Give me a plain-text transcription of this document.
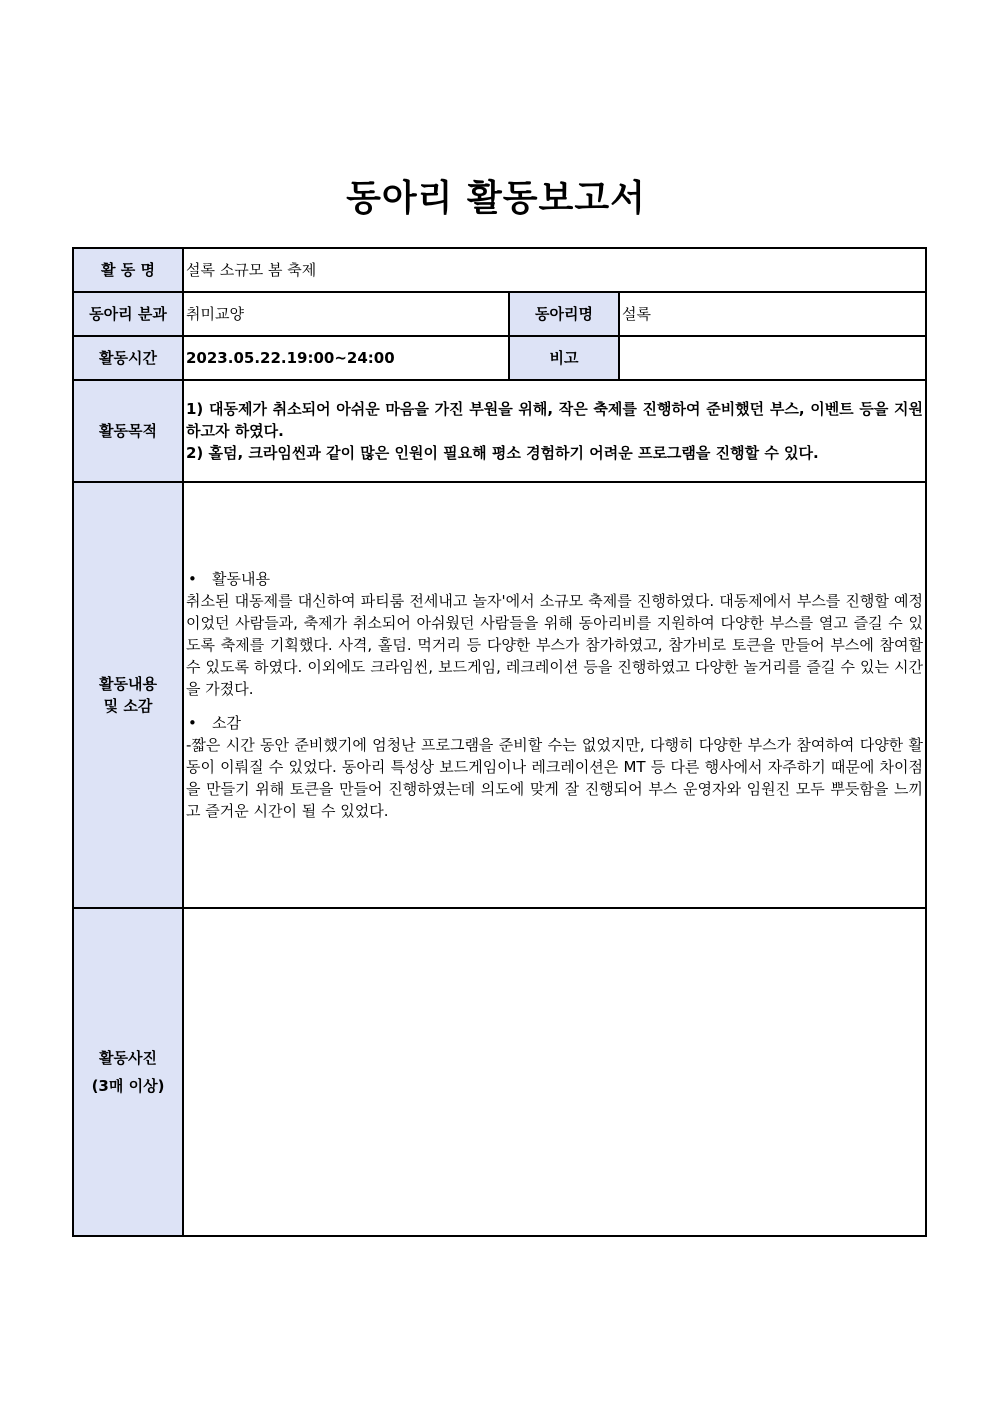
동아리 활동보고서
활 동 명	설록 소규모 봄 축제		
동아리 분과	취미교양	동아리명	설록
활동시간	2023.05.22.19:00~24:00	비고	
활동목적	1) 대동제가 취소되어 아쉬운 마음을 가진 부원을 위해, 작은 축제를 진행하여 준비했던 부스, 이벤트 등을 지원하고자 하였다.
2) 홀덤, 크라임씬과 같이 많은 인원이 필요해 평소 경험하기 어려운 프로그램을 진행할 수 있다.		

활동내용
및 소감	• 활동내용
취소된 대동제를 대신하여 파티룸 전세내고 놀자'에서 소규모 축제를 진행하였다. 대동제에서 부스를 진행할 예정이었던 사람들과, 축제가 취소되어 아쉬웠던 사람들을 위해 동아리비를 지원하여 다양한 부스를 열고 즐길 수 있도록 축제를 기획했다. 사격, 홀덤. 먹거리 등 다양한 부스가 참가하였고, 참가비로 토큰을 만들어 부스에 참여할 수 있도록 하였다. 이외에도 크라임씬, 보드게임, 레크레이션 등을 진행하였고 다양한 놀거리를 즐길 수 있는 시간을 가졌다.
• 소감
-짧은 시간 동안 준비했기에 엄청난 프로그램을 준비할 수는 없었지만, 다행히 다양한 부스가 참여하여 다양한 활동이 이뤄질 수 있었다. 동아리 특성상 보드게임이나 레크레이션은 MT 등 다른 행사에서 자주하기 때문에 차이점을 만들기 위해 토큰을 만들어 진행하였는데 의도에 맞게 잘 진행되어 부스 운영자와 임원진 모두 뿌듯함을 느끼고 즐거운 시간이 될 수 있었다.		

활동사진
(3매 이상)			
